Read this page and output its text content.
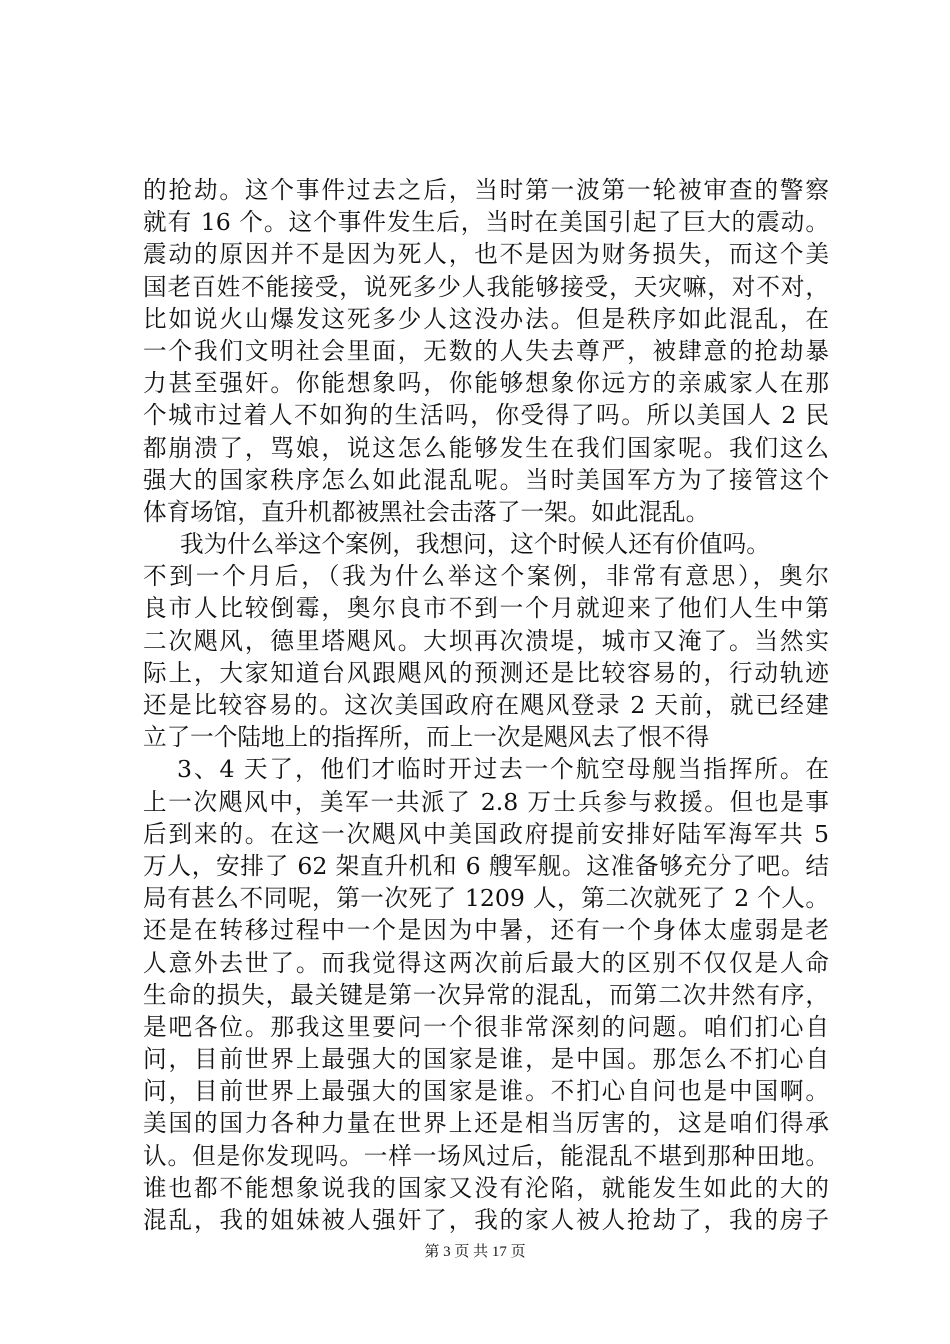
的抢劫。这个事件过去之后，当时第一波第一轮被审查的警察
就有 16 个。这个事件发生后，当时在美国引起了巨大的震动。
震动的原因并不是因为死人，也不是因为财务损失，而这个美
国老百姓不能接受，说死多少人我能够接受，天灾嘛，对不对，
比如说火山爆发这死多少人这没办法。但是秩序如此混乱，在
一个我们文明社会里面，无数的人失去尊严，被肆意的抢劫暴
力甚至强奸。你能想象吗，你能够想象你远方的亲戚家人在那
个城市过着人不如狗的生活吗，你受得了吗。所以美国人 2 民
都崩溃了，骂娘，说这怎么能够发生在我们国家呢。我们这么
强大的国家秩序怎么如此混乱呢。当时美国军方为了接管这个
体育场馆，直升机都被黑社会击落了一架。如此混乱。
我为什么举这个案例，我想问，这个时候人还有价值吗。
不到一个月后，（我为什么举这个案例，非常有意思），奥尔
良市人比较倒霉，奥尔良市不到一个月就迎来了他们人生中第
二次飓风，德里塔飓风。大坝再次溃堤，城市又淹了。当然实
际上，大家知道台风跟飓风的预测还是比较容易的，行动轨迹
还是比较容易的。这次美国政府在飓风登录 2 天前，就已经建
立了一个陆地上的指挥所，而上一次是飓风去了恨不得
3、4 天了，他们才临时开过去一个航空母舰当指挥所。在
上一次飓风中，美军一共派了 2.8 万士兵参与救援。但也是事
后到来的。在这一次飓风中美国政府提前安排好陆军海军共 5
万人，安排了 62 架直升机和 6 艘军舰。这准备够充分了吧。结
局有甚么不同呢，第一次死了 1209 人，第二次就死了 2 个人。
还是在转移过程中一个是因为中暑，还有一个身体太虚弱是老
人意外去世了。而我觉得这两次前后最大的区别不仅仅是人命
生命的损失，最关键是第一次异常的混乱，而第二次井然有序，
是吧各位。那我这里要问一个很非常深刻的问题。咱们扪心自
问，目前世界上最强大的国家是谁，是中国。那怎么不扪心自
问，目前世界上最强大的国家是谁。不扪心自问也是中国啊。
美国的国力各种力量在世界上还是相当厉害的，这是咱们得承
认。但是你发现吗。一样一场风过后，能混乱不堪到那种田地。
谁也都不能想象说我的国家又没有沦陷，就能发生如此的大的
混乱，我的姐妹被人强奸了，我的家人被人抢劫了，我的房子
第 3 页 共 17 页
